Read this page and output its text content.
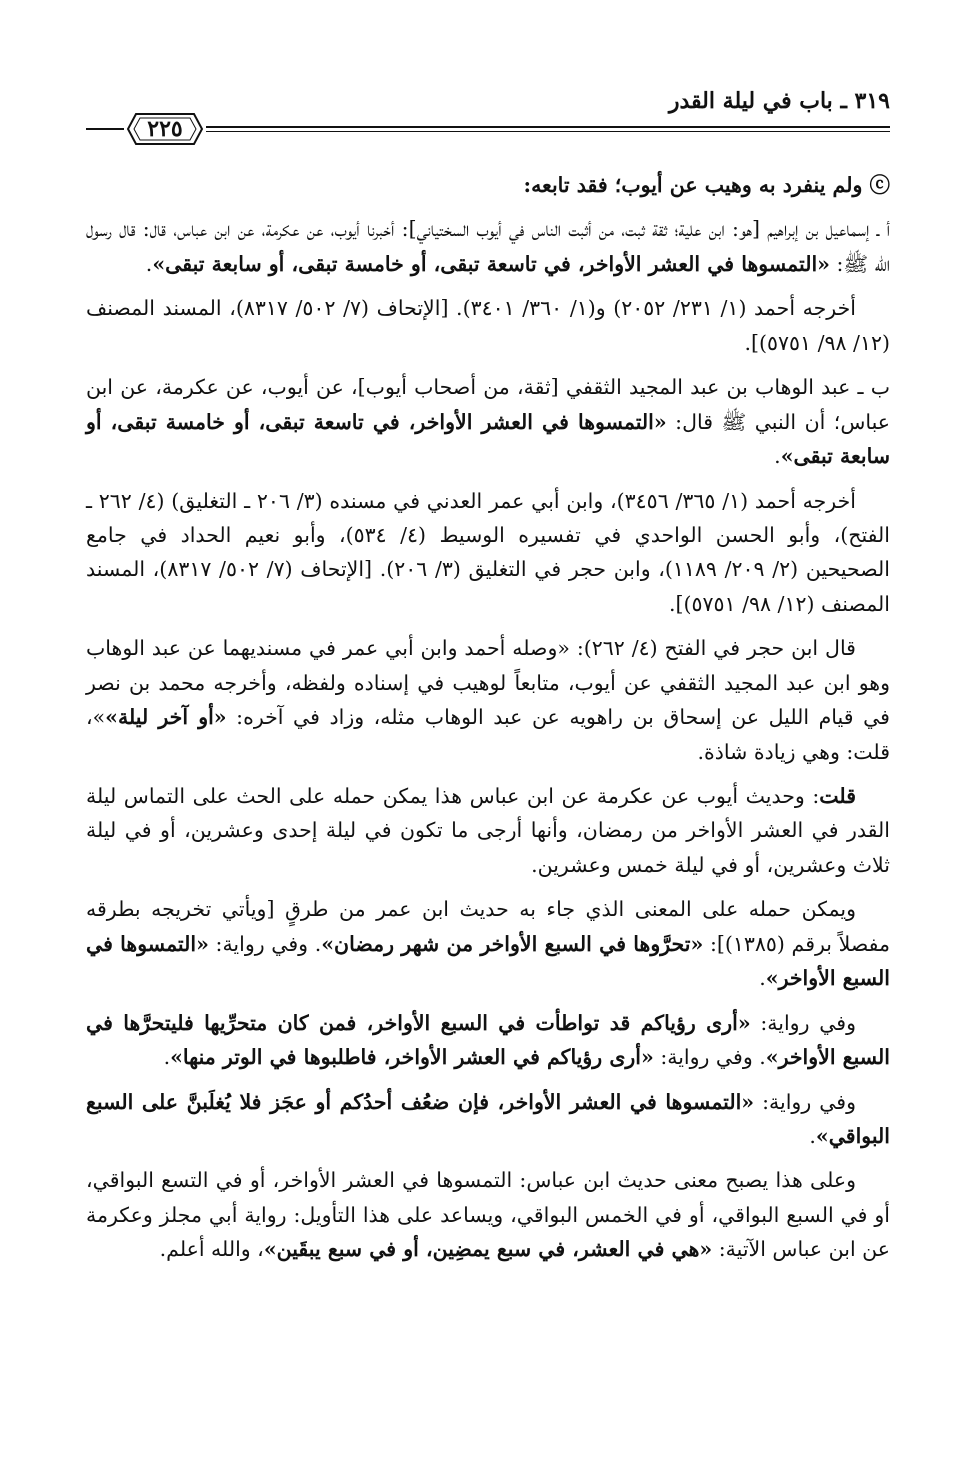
٣١٩ ـ باب في ليلة القدر
٢٢٥

ⓒ ولم ينفرد به وهيب عن أيوب؛ فقد تابعه:

أ ـ إسماعيل بن إبراهيم [هو: ابن علية؛ ثقة ثبت، من أثبت الناس في أيوب السختياني]: أخبرنا أيوب، عن عكرمة، عن ابن عباس، قال: قال رسول الله ﷺ: «التمسوها في العشر الأواخر، في تاسعة تبقى، أو خامسة تبقى، أو سابعة تبقى».

أخرجه أحمد (١/ ٢٣١/ ٢٠٥٢) و(١/ ٣٦٠/ ٣٤٠١). [الإتحاف (٧/ ٥٠٢/ ٨٣١٧)، المسند المصنف (١٢/ ٩٨/ ٥٧٥١)].

ب ـ عبد الوهاب بن عبد المجيد الثقفي [ثقة، من أصحاب أيوب]، عن أيوب، عن عكرمة، عن ابن عباس؛ أن النبي ﷺ قال: «التمسوها في العشر الأواخر، في تاسعة تبقى، أو خامسة تبقى، أو سابعة تبقى».

أخرجه أحمد (١/ ٣٦٥/ ٣٤٥٦)، وابن أبي عمر العدني في مسنده (٣/ ٢٠٦ ـ التغليق) (٤/ ٢٦٢ ـ الفتح)، وأبو الحسن الواحدي في تفسيره الوسيط (٤/ ٥٣٤)، وأبو نعيم الحداد في جامع الصحيحين (٢/ ٢٠٩/ ١١٨٩)، وابن حجر في التغليق (٣/ ٢٠٦). [الإتحاف (٧/ ٥٠٢/ ٨٣١٧)، المسند المصنف (١٢/ ٩٨/ ٥٧٥١)].

قال ابن حجر في الفتح (٤/ ٢٦٢): «وصله أحمد وابن أبي عمر في مسنديهما عن عبد الوهاب وهو ابن عبد المجيد الثقفي عن أيوب، متابعاً لوهيب في إسناده ولفظه، وأخرجه محمد بن نصر في قيام الليل عن إسحاق بن راهويه عن عبد الوهاب مثله، وزاد في آخره: «أو آخر ليلة»»، قلت: وهي زيادة شاذة.

قلت: وحديث أيوب عن عكرمة عن ابن عباس هذا يمكن حمله على الحث على التماس ليلة القدر في العشر الأواخر من رمضان، وأنها أرجى ما تكون في ليلة إحدى وعشرين، أو في ليلة ثلاث وعشرين، أو في ليلة خمس وعشرين.

ويمكن حمله على المعنى الذي جاء به حديث ابن عمر من طرقٍ [ويأتي تخريجه بطرقه مفصلاً برقم (١٣٨٥)]: «تحرَّوها في السبع الأواخر من شهر رمضان». وفي رواية: «التمسوها في السبع الأواخر».

وفي رواية: «أرى رؤياكم قد تواطأت في السبع الأواخر، فمن كان متحرِّيها فليتحرَّها في السبع الأواخر». وفي رواية: «أرى رؤياكم في العشر الأواخر، فاطلبوها في الوتر منها».

وفي رواية: «التمسوها في العشر الأواخر، فإن ضعُف أحدُكم أو عجَز فلا يُغلَبنَّ على السبع البواقي».

وعلى هذا يصبح معنى حديث ابن عباس: التمسوها في العشر الأواخر، أو في التسع البواقي، أو في السبع البواقي، أو في الخمس البواقي، ويساعد على هذا التأويل: رواية أبي مجلز وعكرمة عن ابن عباس الآتية: «هي في العشر، في سبع يمضِين، أو في سبع يبقَين»، والله أعلم.
